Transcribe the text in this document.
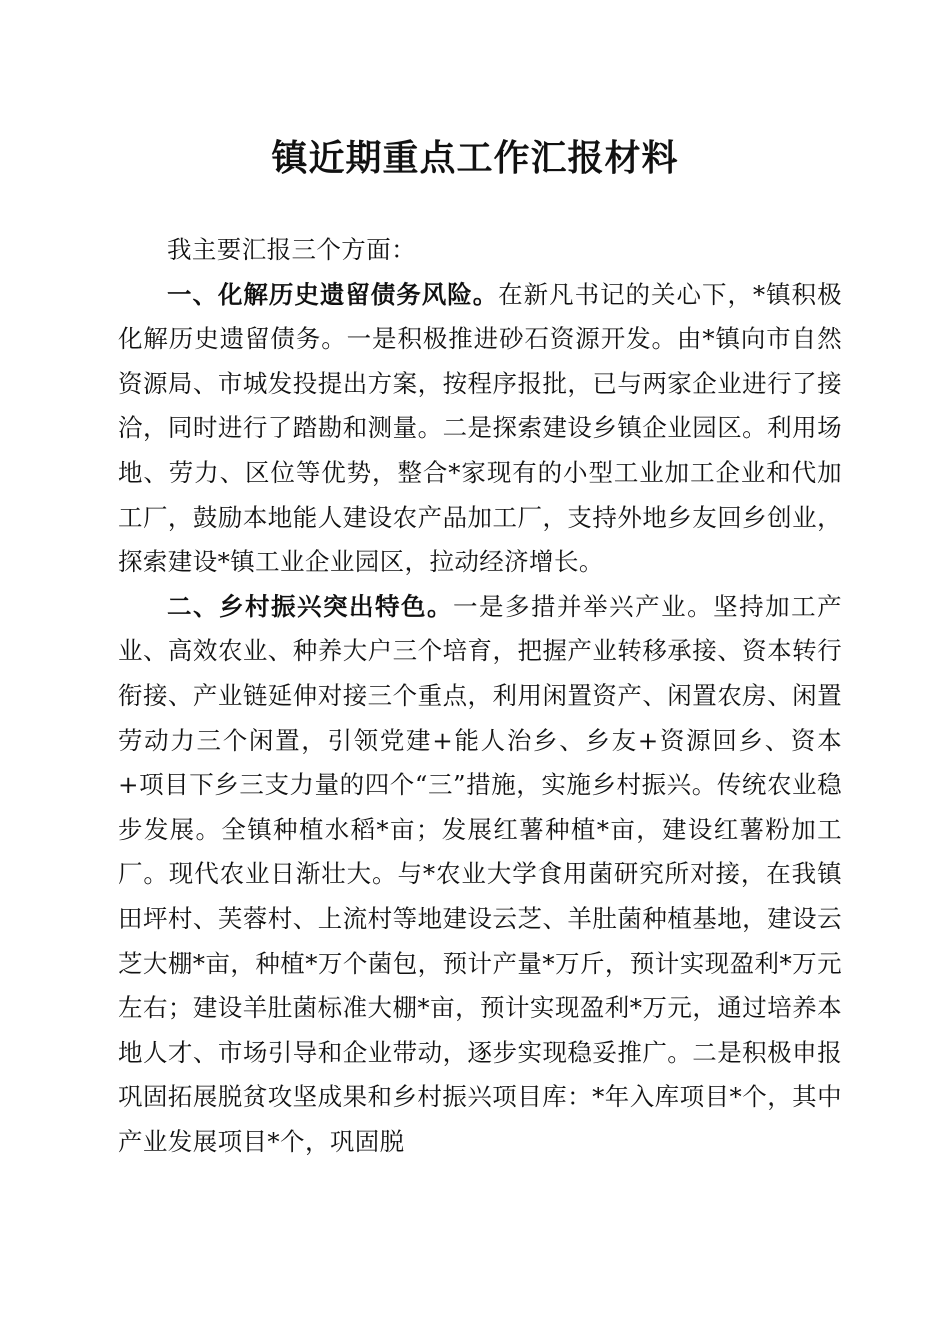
镇近期重点工作汇报材料

我主要汇报三个方面：

一、化解历史遗留债务风险。在新凡书记的关心下，*镇积极化解历史遗留债务。一是积极推进砂石资源开发。由*镇向市自然资源局、市城发投提出方案，按程序报批，已与两家企业进行了接洽，同时进行了踏勘和测量。二是探索建设乡镇企业园区。利用场地、劳力、区位等优势，整合*家现有的小型工业加工企业和代加工厂，鼓励本地能人建设农产品加工厂，支持外地乡友回乡创业，探索建设*镇工业企业园区，拉动经济增长。

二、乡村振兴突出特色。一是多措并举兴产业。坚持加工产业、高效农业、种养大户三个培育，把握产业转移承接、资本转行衔接、产业链延伸对接三个重点，利用闲置资产、闲置农房、闲置劳动力三个闲置，引领党建+能人治乡、乡友+资源回乡、资本+项目下乡三支力量的四个“三”措施，实施乡村振兴。传统农业稳步发展。全镇种植水稻*亩；发展红薯种植*亩，建设红薯粉加工厂。现代农业日渐壮大。与*农业大学食用菌研究所对接，在我镇田坪村、芙蓉村、上流村等地建设云芝、羊肚菌种植基地，建设云芝大棚*亩，种植*万个菌包，预计产量*万斤，预计实现盈利*万元左右；建设羊肚菌标准大棚*亩，预计实现盈利*万元，通过培养本地人才、市场引导和企业带动，逐步实现稳妥推广。二是积极申报巩固拓展脱贫攻坚成果和乡村振兴项目库：*年入库项目*个，其中产业发展项目*个，巩固脱
